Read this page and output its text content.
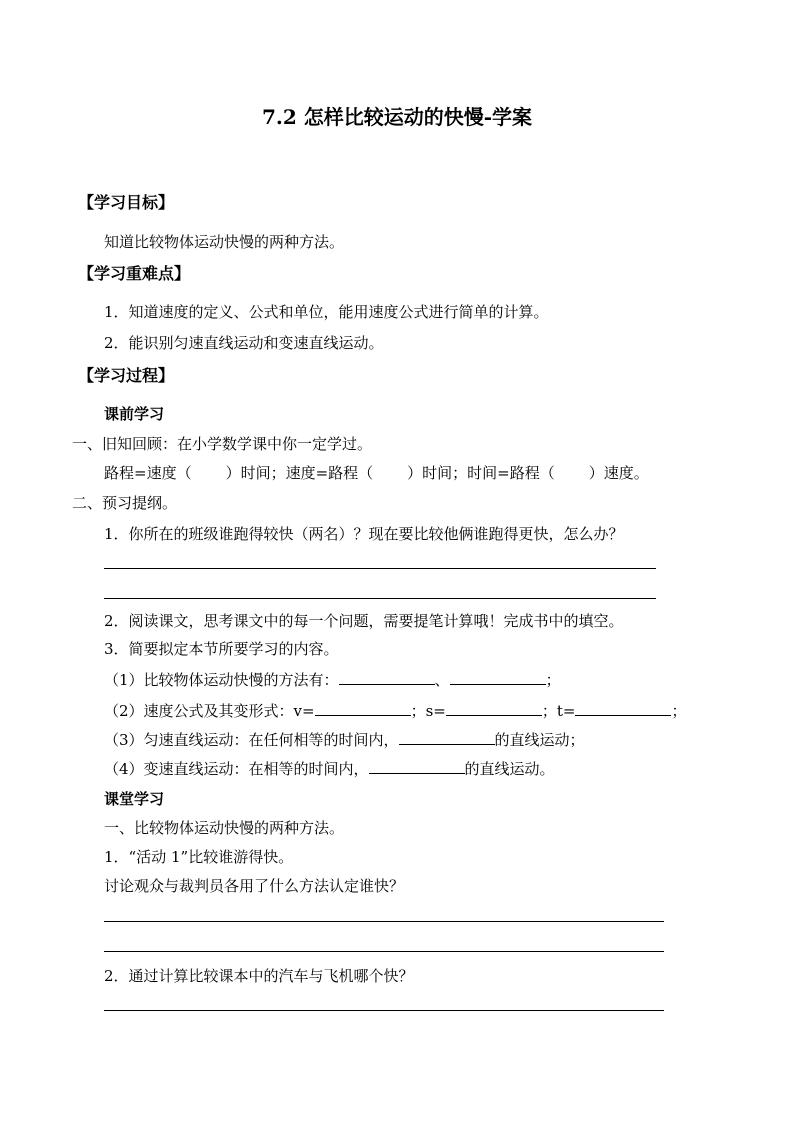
7.2 怎样比较运动的快慢-学案
【学习目标】
知道比较物体运动快慢的两种方法。
【学习重难点】
1．知道速度的定义、公式和单位，能用速度公式进行简单的计算。
2．能识别匀速直线运动和变速直线运动。
【学习过程】
课前学习
一、旧知回顾：在小学数学课中你一定学过。
路程=速度（ ）时间；速度=路程（ ）时间；时间=路程（ ）速度。
二、预习提纲。
1．你所在的班级谁跑得较快（两名）？现在要比较他俩谁跑得更快，怎么办？
2．阅读课文，思考课文中的每一个问题，需要提笔计算哦！完成书中的填空。
3．简要拟定本节所要学习的内容。
（1）比较物体运动快慢的方法有：	、	；
（2）速度公式及其变形式：v=	；s=	；t=	；
（3）匀速直线运动：在任何相等的时间内，	的直线运动；
（4）变速直线运动：在相等的时间内，	的直线运动。
课堂学习
一、比较物体运动快慢的两种方法。
1．“活动 1”比较谁游得快。
讨论观众与裁判员各用了什么方法认定谁快？
2．通过计算比较课本中的汽车与飞机哪个快？
